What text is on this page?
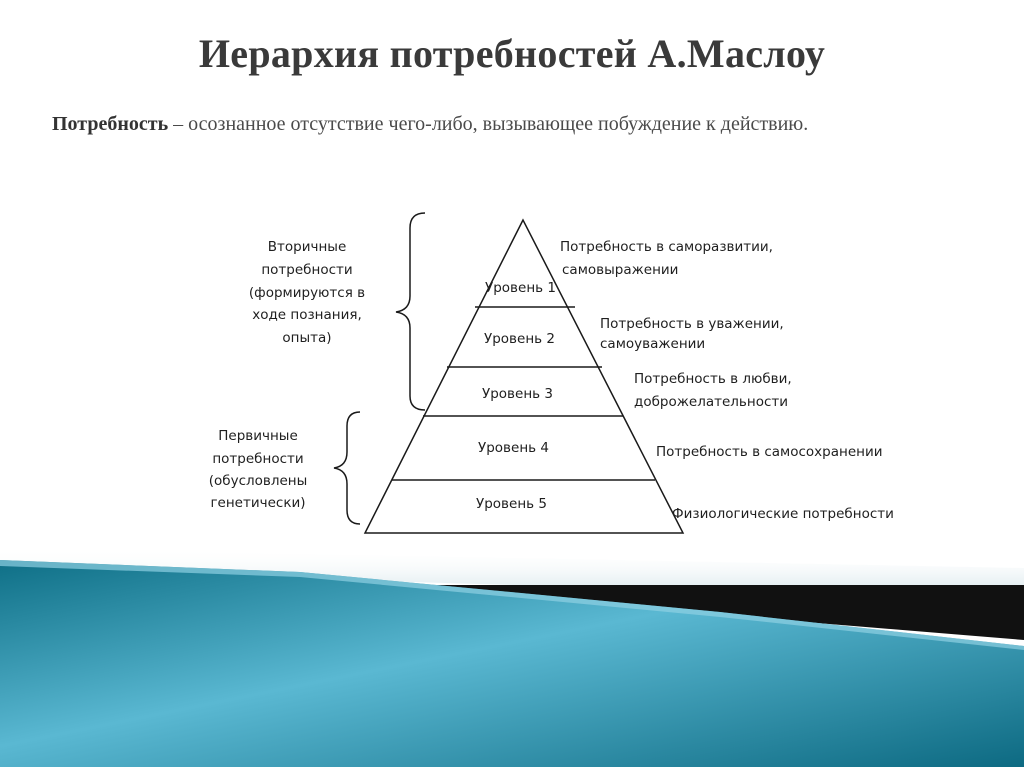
Иерархия потребностей А.Маслоу
Потребность – осознанное отсутствие чего-либо, вызывающее побуждение к действию.
Уровень 1
Уровень 2
Уровень 3
Уровень 4
Уровень 5
Потребность в саморазвитии,
самовыражении
Потребность в уважении,
самоуважении
Потребность в любви,
доброжелательности
Потребность в самосохранении
Физиологические потребности
Вторичные
потребности
(формируются в
ходе познания,
опыта)
Первичные
потребности
(обусловлены
генетически)
